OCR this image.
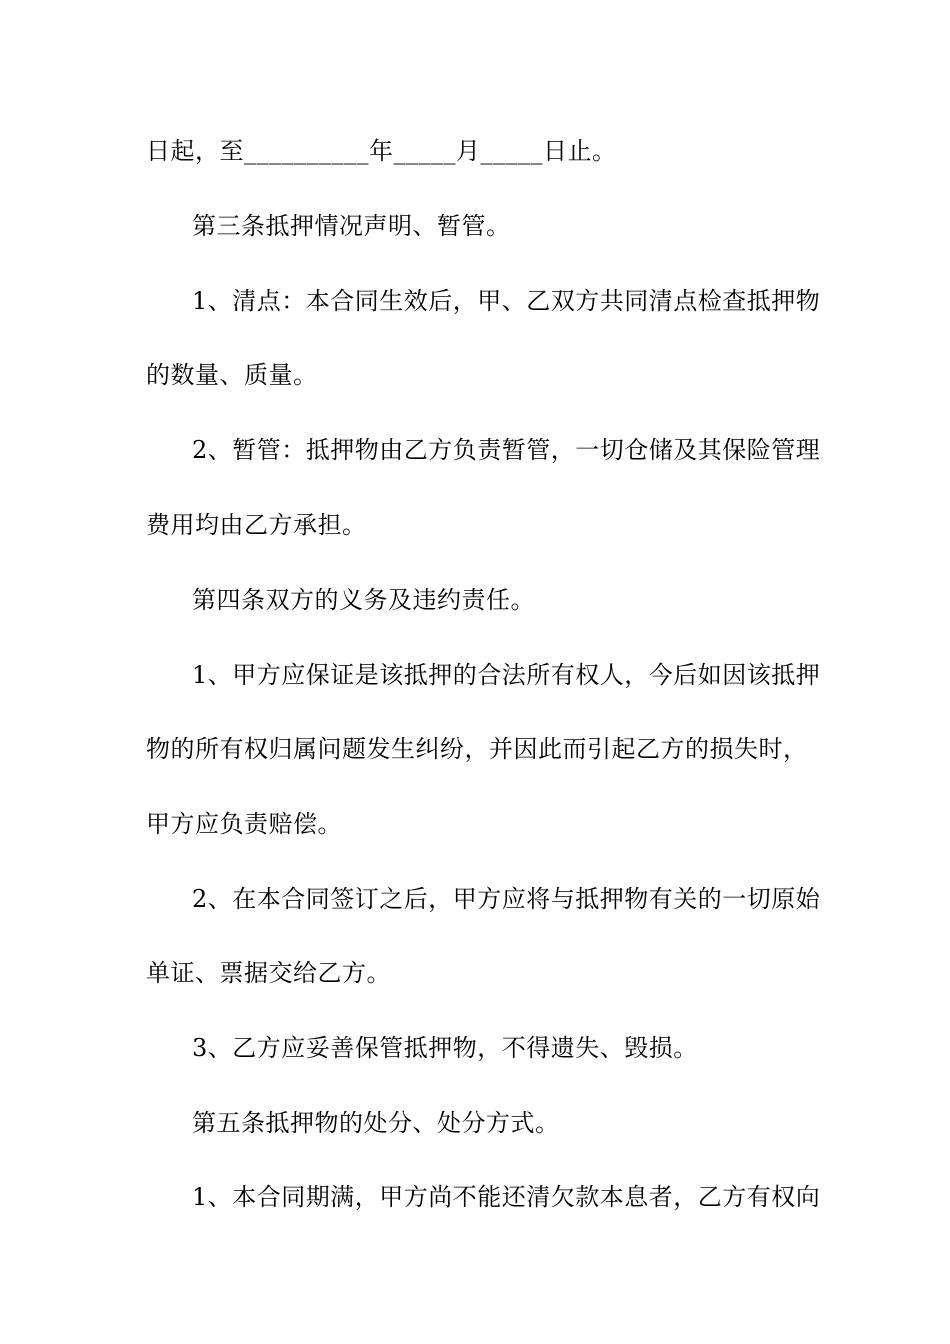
日起，至__________年_____月_____日止。
第三条抵押情况声明、暂管。
1、清点：本合同生效后，甲、乙双方共同清点检查抵押物
的数量、质量。
2、暂管：抵押物由乙方负责暂管，一切仓储及其保险管理
费用均由乙方承担。
第四条双方的义务及违约责任。
1、甲方应保证是该抵押的合法所有权人，今后如因该抵押
物的所有权归属问题发生纠纷，并因此而引起乙方的损失时，
甲方应负责赔偿。
2、在本合同签订之后，甲方应将与抵押物有关的一切原始
单证、票据交给乙方。
3、乙方应妥善保管抵押物，不得遗失、毁损。
第五条抵押物的处分、处分方式。
1、本合同期满，甲方尚不能还清欠款本息者，乙方有权向
